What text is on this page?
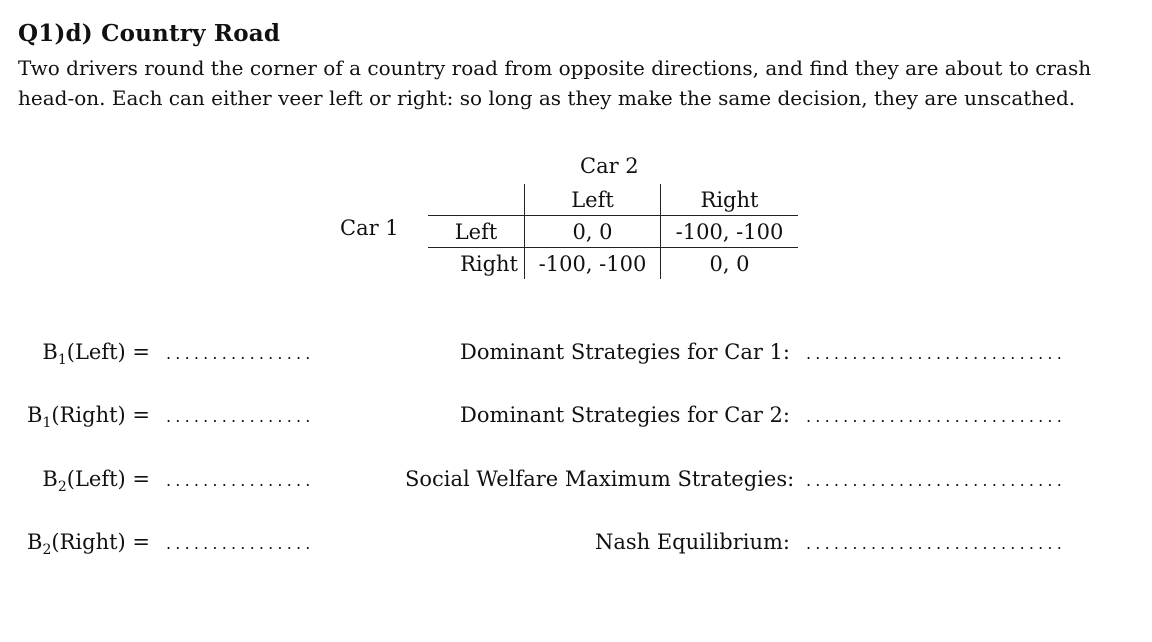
Q1)d) Country Road
Two drivers round the corner of a country road from opposite directions, and find they are about to crash
head-on. Each can either veer left or right: so long as they make the same decision, they are unscathed.
Car 2
Car 1
	Left	Right
Left	0, 0	-100, -100
Right	-100, -100	0, 0
$B_1(Left)$ = ................
$B_1(Right)$ = ................
$B_2(Left)$ = ................
$B_2(Right)$ = ................
Dominant Strategies for Car 1:	............................
Dominant Strategies for Car 2:	............................
Social Welfare Maximum Strategies: ............................
Nash Equilibrium:	............................
